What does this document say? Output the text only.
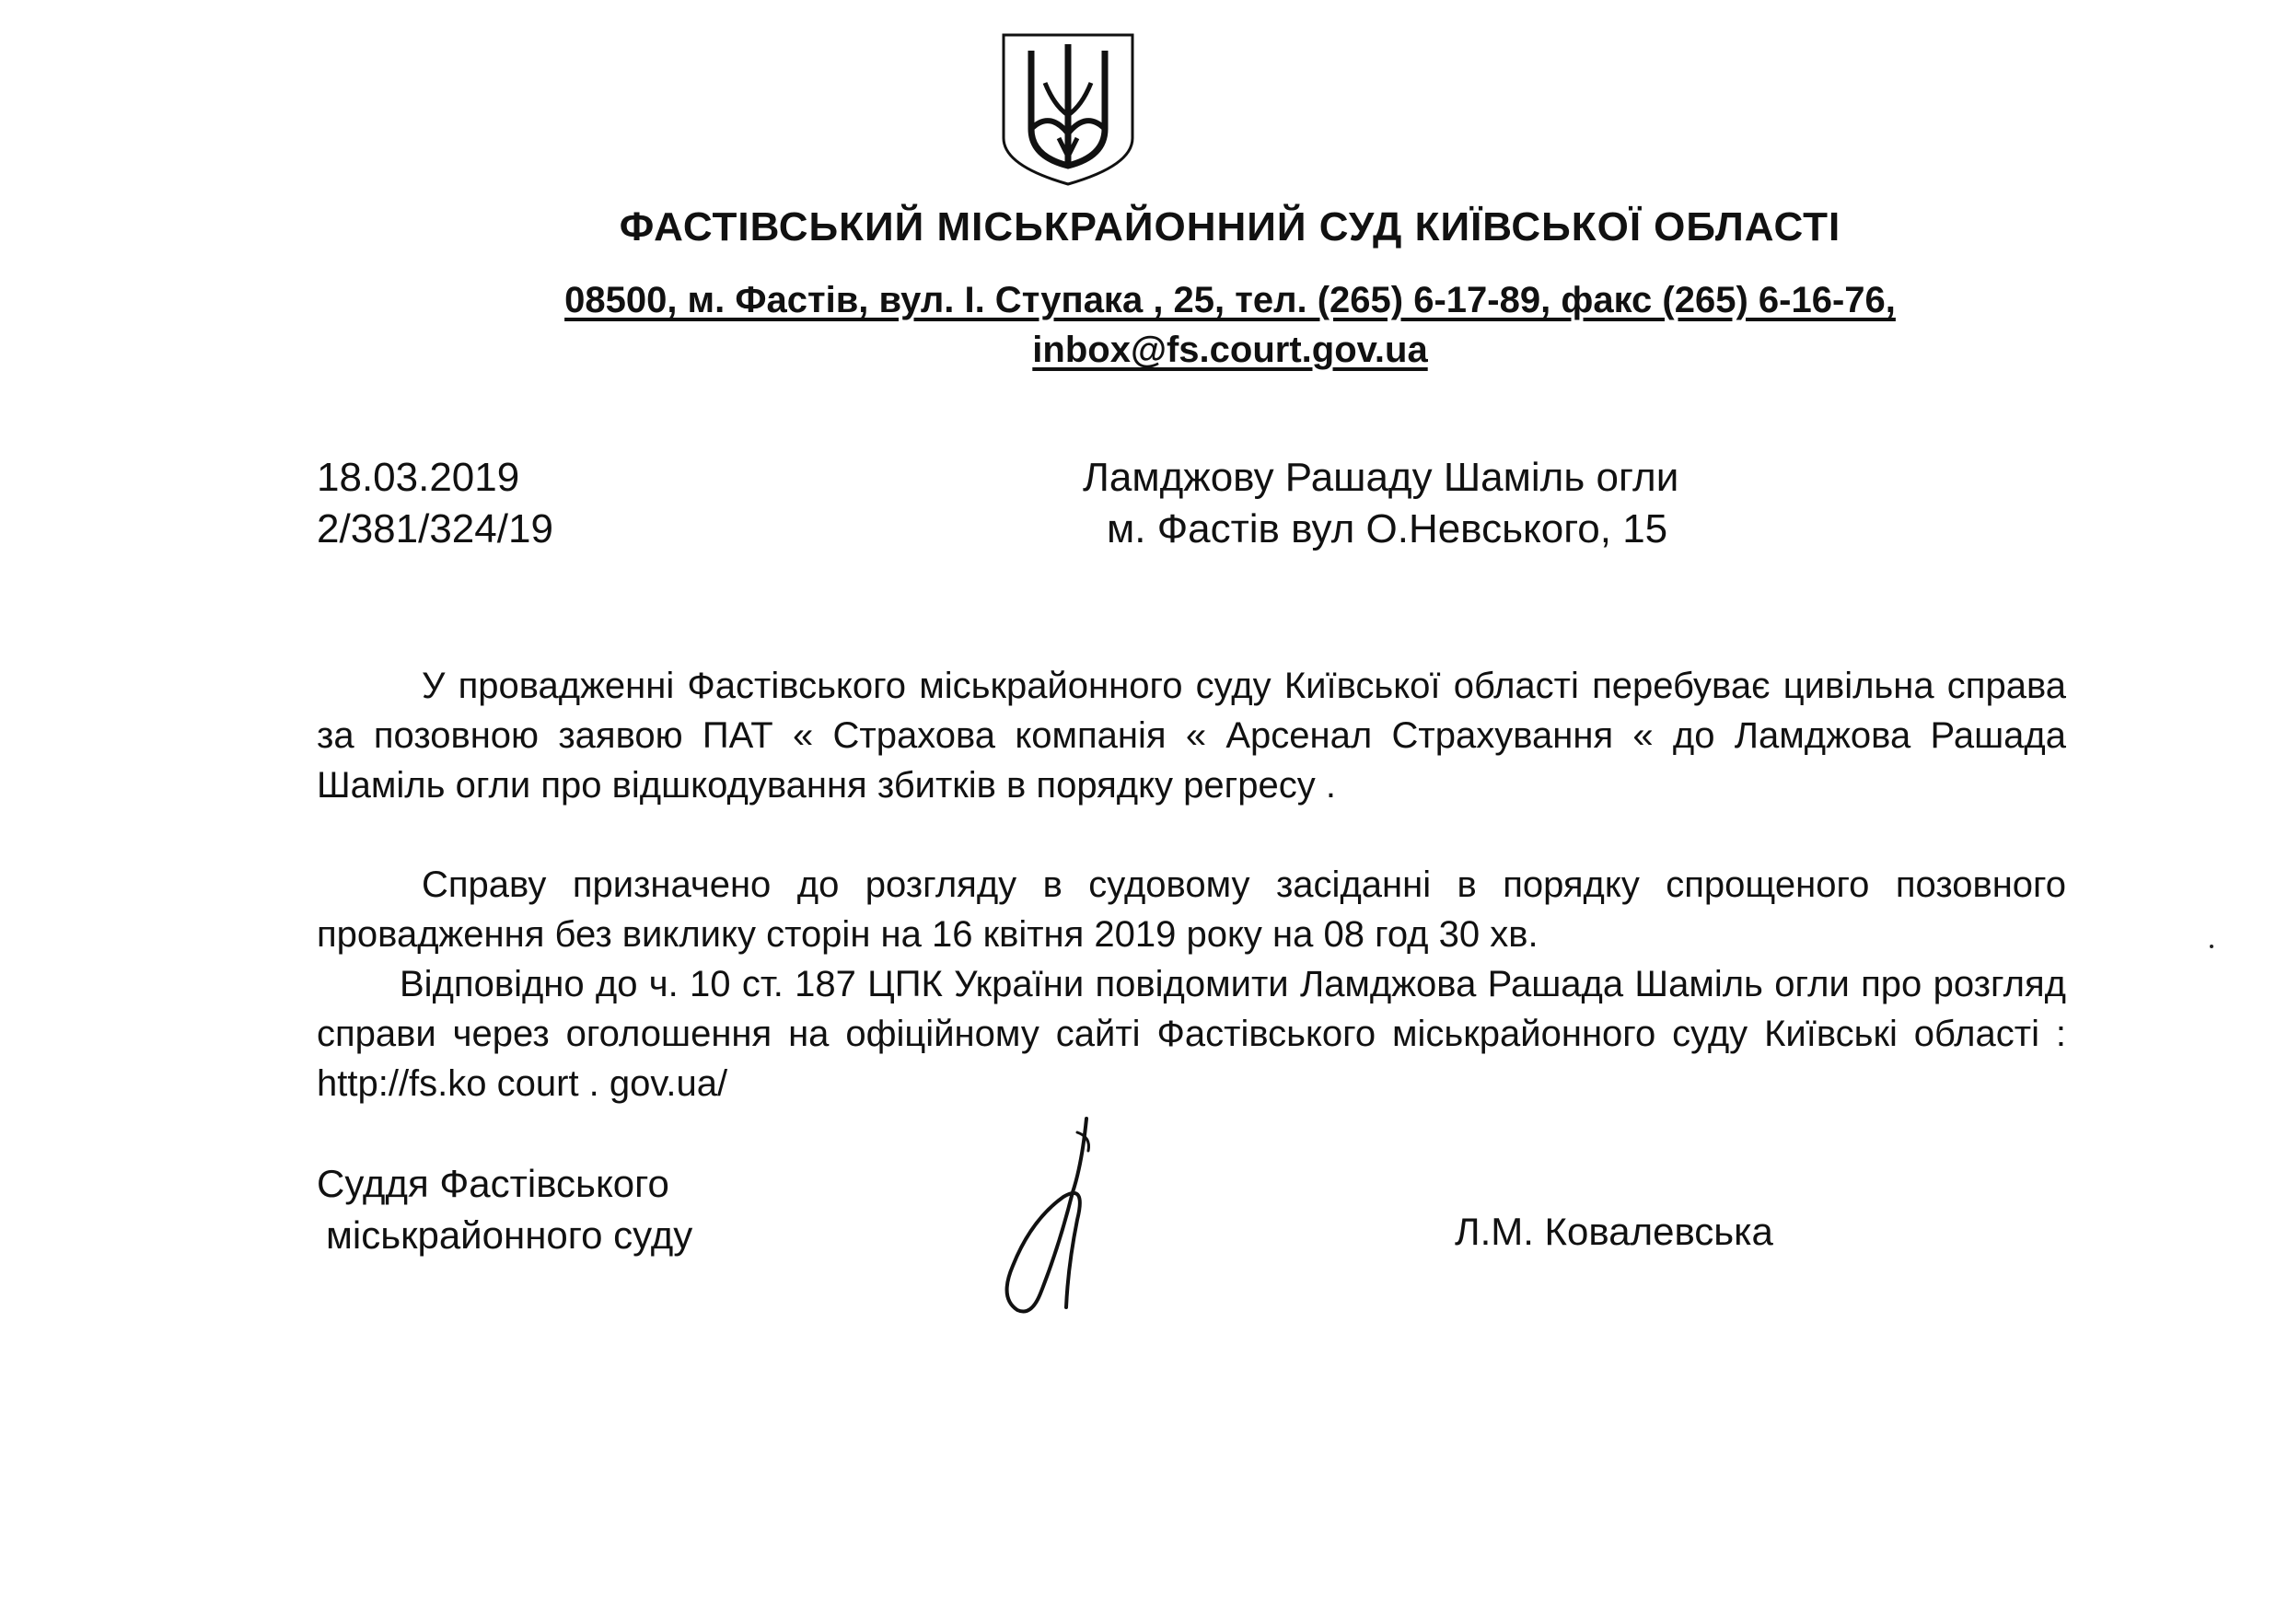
ФАСТІВСЬКИЙ МІСЬКРАЙОННИЙ СУД КИЇВСЬКОЇ ОБЛАСТІ
08500, м. Фастів, вул. І. Ступака , 25, тел. (265) 6-17-89, факс (265) 6-16-76,
inbox@fs.court.gov.ua
18.03.2019
2/381/324/19
Ламджову Рашаду Шаміль огли
м. Фастів вул О.Невського, 15
У провадженні Фастівського міськрайонного суду Київської області перебуває цивільна справа за позовною заявою ПАТ « Страхова компанія « Арсенал Страхування « до Ламджова Рашада Шаміль огли про відшкодування збитків в порядку регресу .
Справу призначено до розгляду в судовому засіданні в порядку спрощеного позовного провадження без виклику сторін на 16 квітня 2019 року на 08 год 30 хв.
Відповідно до ч. 10 ст. 187 ЦПК України повідомити Ламджова Рашада Шаміль огли про розгляд справи через оголошення на офіційному сайті Фастівського міськрайонного суду Київські області : http://fs.ko court . gov.ua/
Суддя Фастівського
міськрайонного суду	Л.М. Ковалевська
